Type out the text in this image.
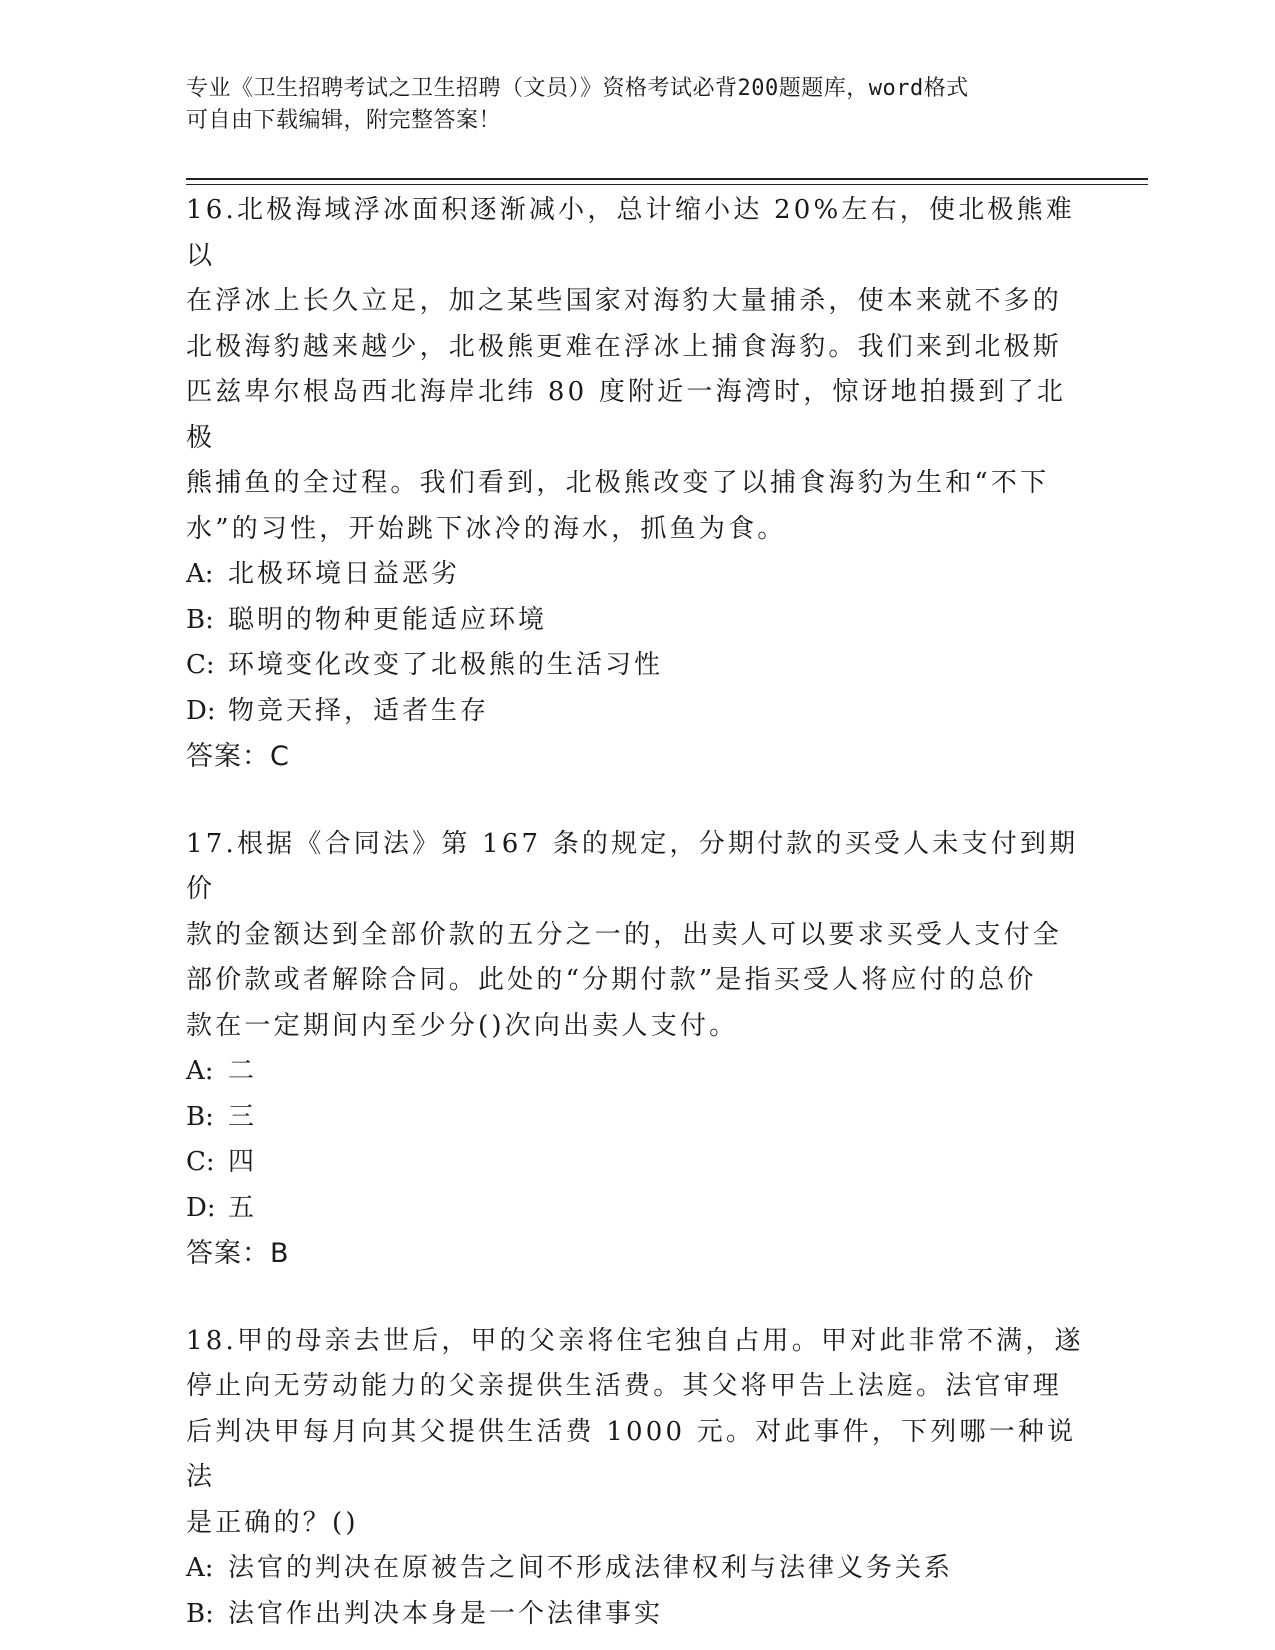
专业《卫生招聘考试之卫生招聘（文员）》资格考试必背200题题库，word格式
可自由下载编辑，附完整答案！

16.北极海域浮冰面积逐渐减小，总计缩小达 20%左右，使北极熊难以

在浮冰上长久立足，加之某些国家对海豹大量捕杀，使本来就不多的

北极海豹越来越少，北极熊更难在浮冰上捕食海豹。我们来到北极斯

匹兹卑尔根岛西北海岸北纬 80 度附近一海湾时，惊讶地拍摄到了北极

熊捕鱼的全过程。我们看到，北极熊改变了以捕食海豹为生和“不下

水”的习性，开始跳下冰冷的海水，抓鱼为食。

A: 北极环境日益恶劣

B: 聪明的物种更能适应环境

C: 环境变化改变了北极熊的生活习性

D: 物竞天择，适者生存

答案：C

17.根据《合同法》第 167 条的规定，分期付款的买受人未支付到期价

款的金额达到全部价款的五分之一的，出卖人可以要求买受人支付全

部价款或者解除合同。此处的“分期付款”是指买受人将应付的总价

款在一定期间内至少分()次向出卖人支付。

A: 二

B: 三

C: 四

D: 五

答案：B

18.甲的母亲去世后，甲的父亲将住宅独自占用。甲对此非常不满，遂

停止向无劳动能力的父亲提供生活费。其父将甲告上法庭。法官审理

后判决甲每月向其父提供生活费 1000 元。对此事件，下列哪一种说法

是正确的？()

A: 法官的判决在原被告之间不形成法律权利与法律义务关系

B: 法官作出判决本身是一个法律事实
